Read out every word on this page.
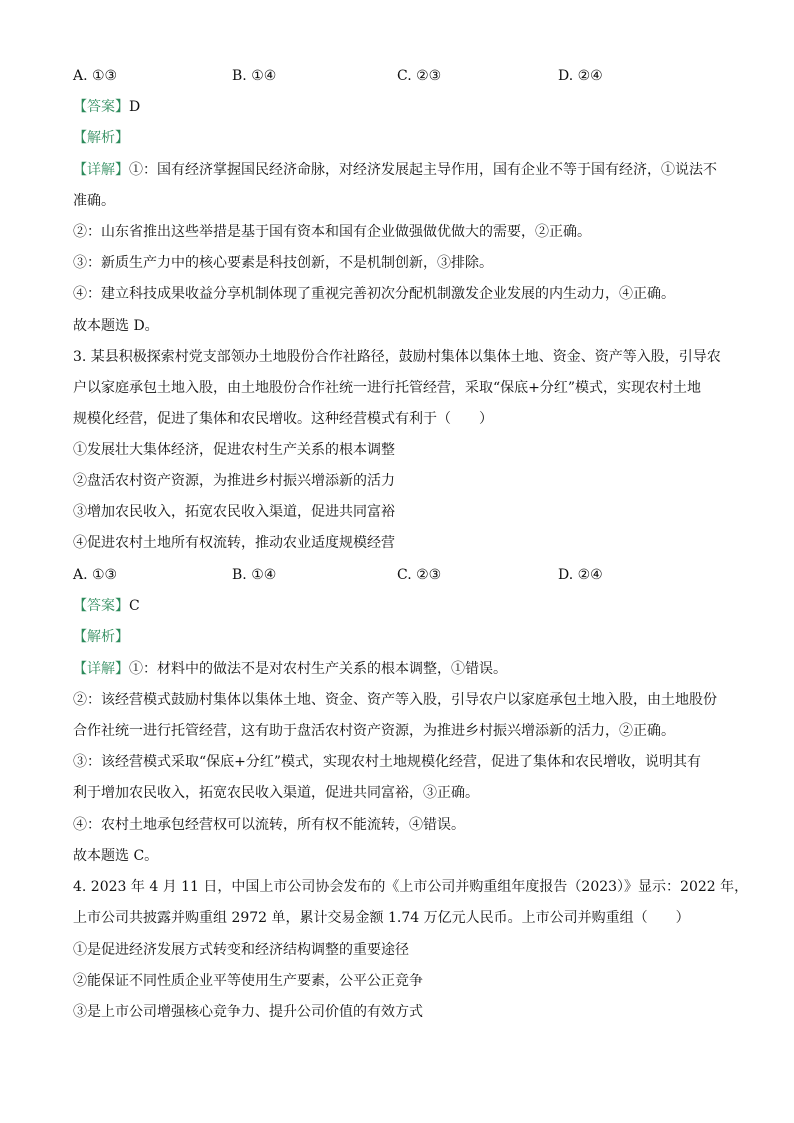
A. ①③	B. ①④	C. ②③	D. ②④
【答案】D
【解析】
【详解】①：国有经济掌握国民经济命脉，对经济发展起主导作用，国有企业不等于国有经济，①说法不
准确。
②：山东省推出这些举措是基于国有资本和国有企业做强做优做大的需要，②正确。
③：新质生产力中的核心要素是科技创新，不是机制创新，③排除。
④：建立科技成果收益分享机制体现了重视完善初次分配机制激发企业发展的内生动力，④正确。
故本题选 D。
3. 某县积极探索村党支部领办土地股份合作社路径，鼓励村集体以集体土地、资金、资产等入股，引导农
户以家庭承包土地入股，由土地股份合作社统一进行托管经营，采取“保底+分红”模式，实现农村土地
规模化经营，促进了集体和农民增收。这种经营模式有利于（　　）
①发展壮大集体经济，促进农村生产关系的根本调整
②盘活农村资产资源，为推进乡村振兴增添新的活力
③增加农民收入，拓宽农民收入渠道，促进共同富裕
④促进农村土地所有权流转，推动农业适度规模经营
A. ①③	B. ①④	C. ②③	D. ②④
【答案】C
【解析】
【详解】①：材料中的做法不是对农村生产关系的根本调整，①错误。
②：该经营模式鼓励村集体以集体土地、资金、资产等入股，引导农户以家庭承包土地入股，由土地股份
合作社统一进行托管经营，这有助于盘活农村资产资源，为推进乡村振兴增添新的活力，②正确。
③：该经营模式采取“保底+分红”模式，实现农村土地规模化经营，促进了集体和农民增收，说明其有
利于增加农民收入，拓宽农民收入渠道，促进共同富裕，③正确。
④：农村土地承包经营权可以流转，所有权不能流转，④错误。
故本题选 C。
4. 2023 年 4 月 11 日，中国上市公司协会发布的《上市公司并购重组年度报告（2023）》显示：2022 年，
上市公司共披露并购重组 2972 单，累计交易金额 1.74 万亿元人民币。上市公司并购重组（　　）
①是促进经济发展方式转变和经济结构调整的重要途径
②能保证不同性质企业平等使用生产要素，公平公正竞争
③是上市公司增强核心竞争力、提升公司价值的有效方式
